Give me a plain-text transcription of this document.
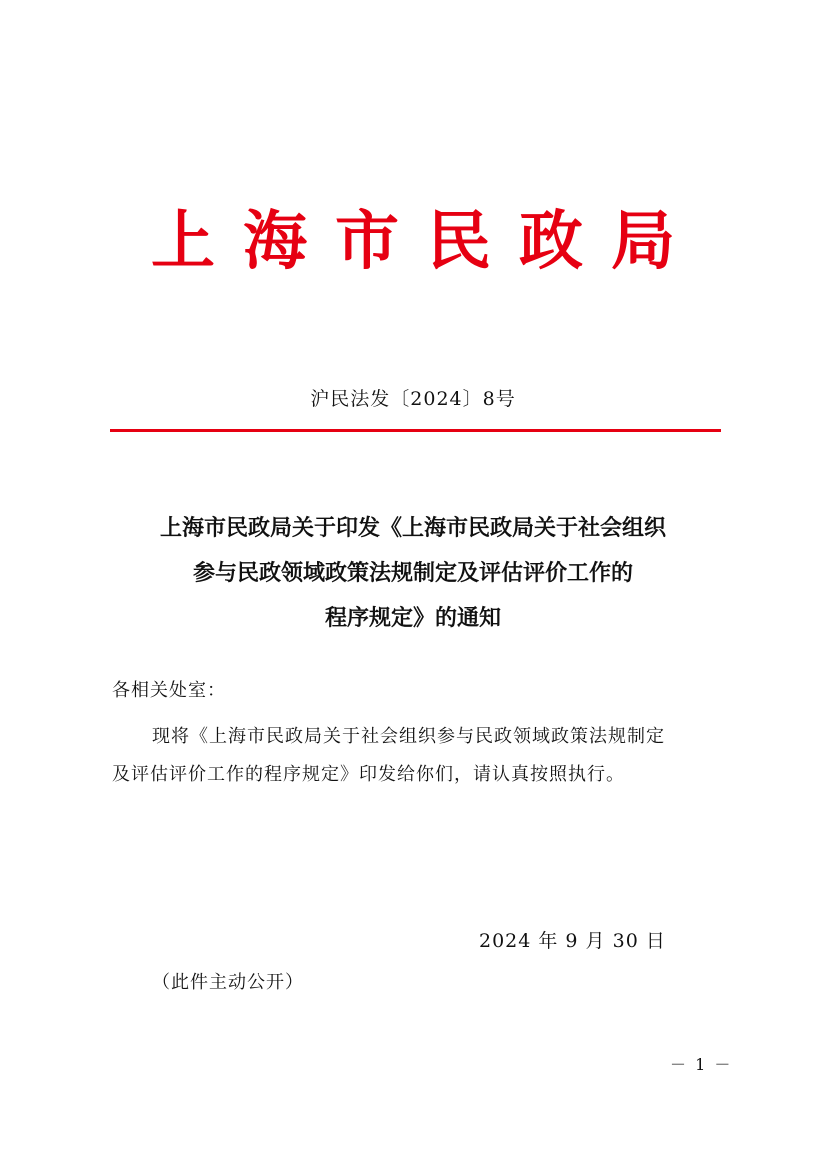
上海市民政局
沪民法发〔2024〕8号
上海市民政局关于印发《上海市民政局关于社会组织
参与民政领域政策法规制定及评估评价工作的
程序规定》的通知
各相关处室：
现将《上海市民政局关于社会组织参与民政领域政策法规制定
及评估评价工作的程序规定》印发给你们，请认真按照执行。
2024 年 9 月 30 日
（此件主动公开）
－ 1 －
